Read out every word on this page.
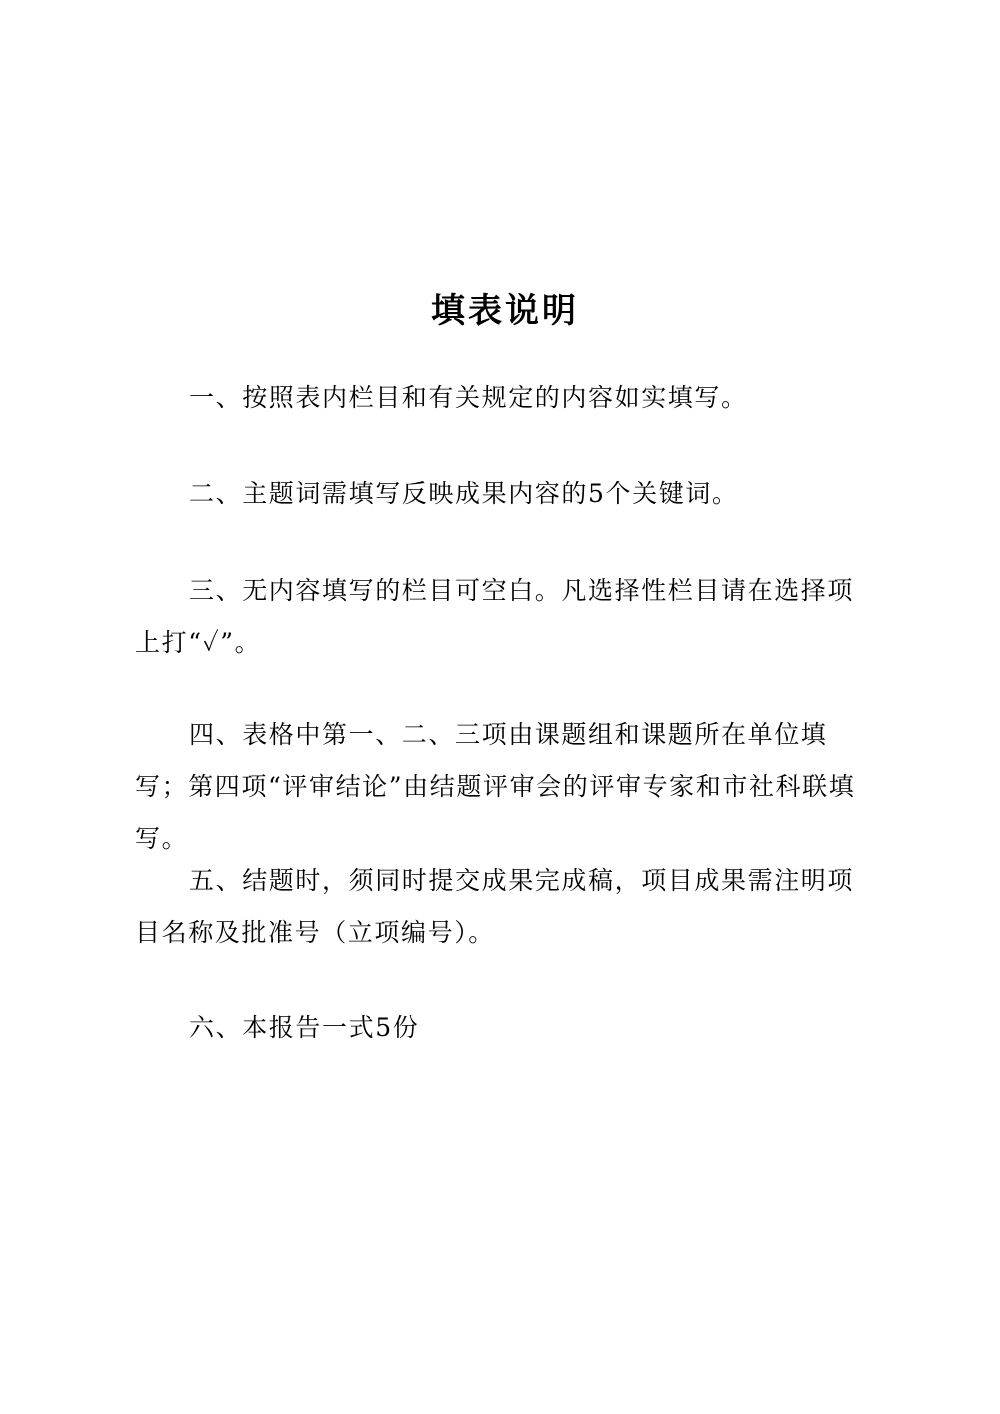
填表说明

一、按照表内栏目和有关规定的内容如实填写。

二、主题词需填写反映成果内容的5个关键词。

三、无内容填写的栏目可空白。凡选择性栏目请在选择项上打“✓”。

四、表格中第一、二、三项由课题组和课题所在单位填写；第四项“评审结论”由结题评审会的评审专家和市社科联填写。

五、结题时，须同时提交成果完成稿，项目成果需注明项目名称及批准号（立项编号）。

六、本报告一式5份
